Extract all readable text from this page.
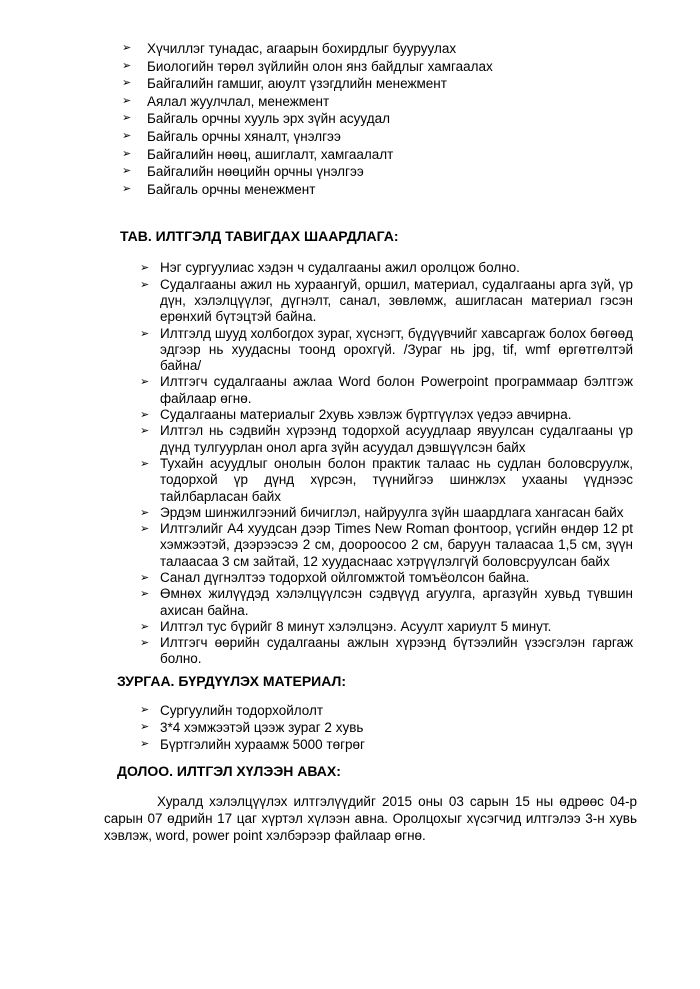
➢	Хүчиллэг тунадас, агаарын бохирдлыг бууруулах
➢	Биологийн төрөл зүйлийн олон янз байдлыг хамгаалах
➢	Байгалийн гамшиг, аюулт үзэгдлийн менежмент
➢	Аялал жуулчлал, менежмент
➢	Байгаль орчны хууль эрх зүйн асуудал
➢	Байгаль орчны хяналт, үнэлгээ
➢	Байгалийн нөөц, ашиглалт, хамгаалалт
➢	Байгалийн нөөцийн орчны үнэлгээ
➢	Байгаль орчны менежмент
ТАВ. ИЛТГЭЛД ТАВИГДАХ ШААРДЛАГА:
➢ Нэг сургуулиас хэдэн ч судалгааны ажил оролцож болно.
➢ Судалгааны ажил нь хураангуй, оршил, материал, судалгааны арга зүй, үр дүн, хэлэлцүүлэг, дүгнэлт, санал, зөвлөмж, ашигласан материал гэсэн ерөнхий бүтэцтэй байна.
➢ Илтгэлд шууд холбогдох зураг, хүснэгт, бүдүүвчийг хавсаргаж болох бөгөөд эдгээр нь хуудасны тоонд орохгүй. /Зураг нь jpg, tif, wmf өргөтгөлтэй байна/
➢ Илтгэгч судалгааны ажлаа Word болон Powerpoint программаар бэлтгэж файлаар өгнө.
➢ Судалгааны материалыг 2хувь хэвлэж бүртгүүлэх үедээ авчирна.
➢ Илтгэл нь сэдвийн хүрээнд тодорхой асуудлаар явуулсан судалгааны үр дүнд тулгуурлан онол арга зүйн асуудал дэвшүүлсэн байх
➢ Тухайн асуудлыг онолын болон практик талаас нь судлан боловсруулж, тодорхой үр дүнд хүрсэн, түүнийгээ шинжлэх ухааны үүднээс тайлбарласан байх
➢ Эрдэм шинжилгээний бичиглэл, найруулга зүйн шаардлага хангасан байх
➢ Илтгэлийг А4 хуудсан дээр Times New Roman фонтоор, үсгийн өндөр 12 pt хэмжээтэй, дээрээсээ 2 см, доороосоо 2 см, баруун талаасаа 1,5 см, зүүн талаасаа 3 см зайтай, 12 хуудаснаас хэтрүүлэлгүй боловсруулсан байх
➢ Санал дүгнэлтээ тодорхой ойлгомжтой томъёолсон байна.
➢ Өмнөх жилүүдэд хэлэлцүүлсэн сэдвүүд агуулга, аргазүйн хувьд түвшин ахисан байна.
➢ Илтгэл тус бүрийг 8 минут хэлэлцэнэ. Асуулт хариулт 5 минут.
➢ Илтгэгч өөрийн судалгааны ажлын хүрээнд бүтээлийн үзэсгэлэн гаргаж болно.
ЗУРГАА. БҮРДҮҮЛЭХ МАТЕРИАЛ:
➢ Сургуулийн тодорхойлолт
➢ 3*4 хэмжээтэй цээж зураг 2 хувь
➢ Бүртгэлийн хураамж 5000 төгрөг
ДОЛОО. ИЛТГЭЛ ХҮЛЭЭН АВАХ:
Хуралд хэлэлцүүлэх илтгэлүүдийг 2015 оны 03 сарын 15 ны өдрөөс 04-р сарын 07 өдрийн 17 цаг хүртэл хүлээн авна. Оролцохыг хүсэгчид илтгэлээ 3-н хувь хэвлэж, word, power point хэлбэрээр файлаар өгнө.
